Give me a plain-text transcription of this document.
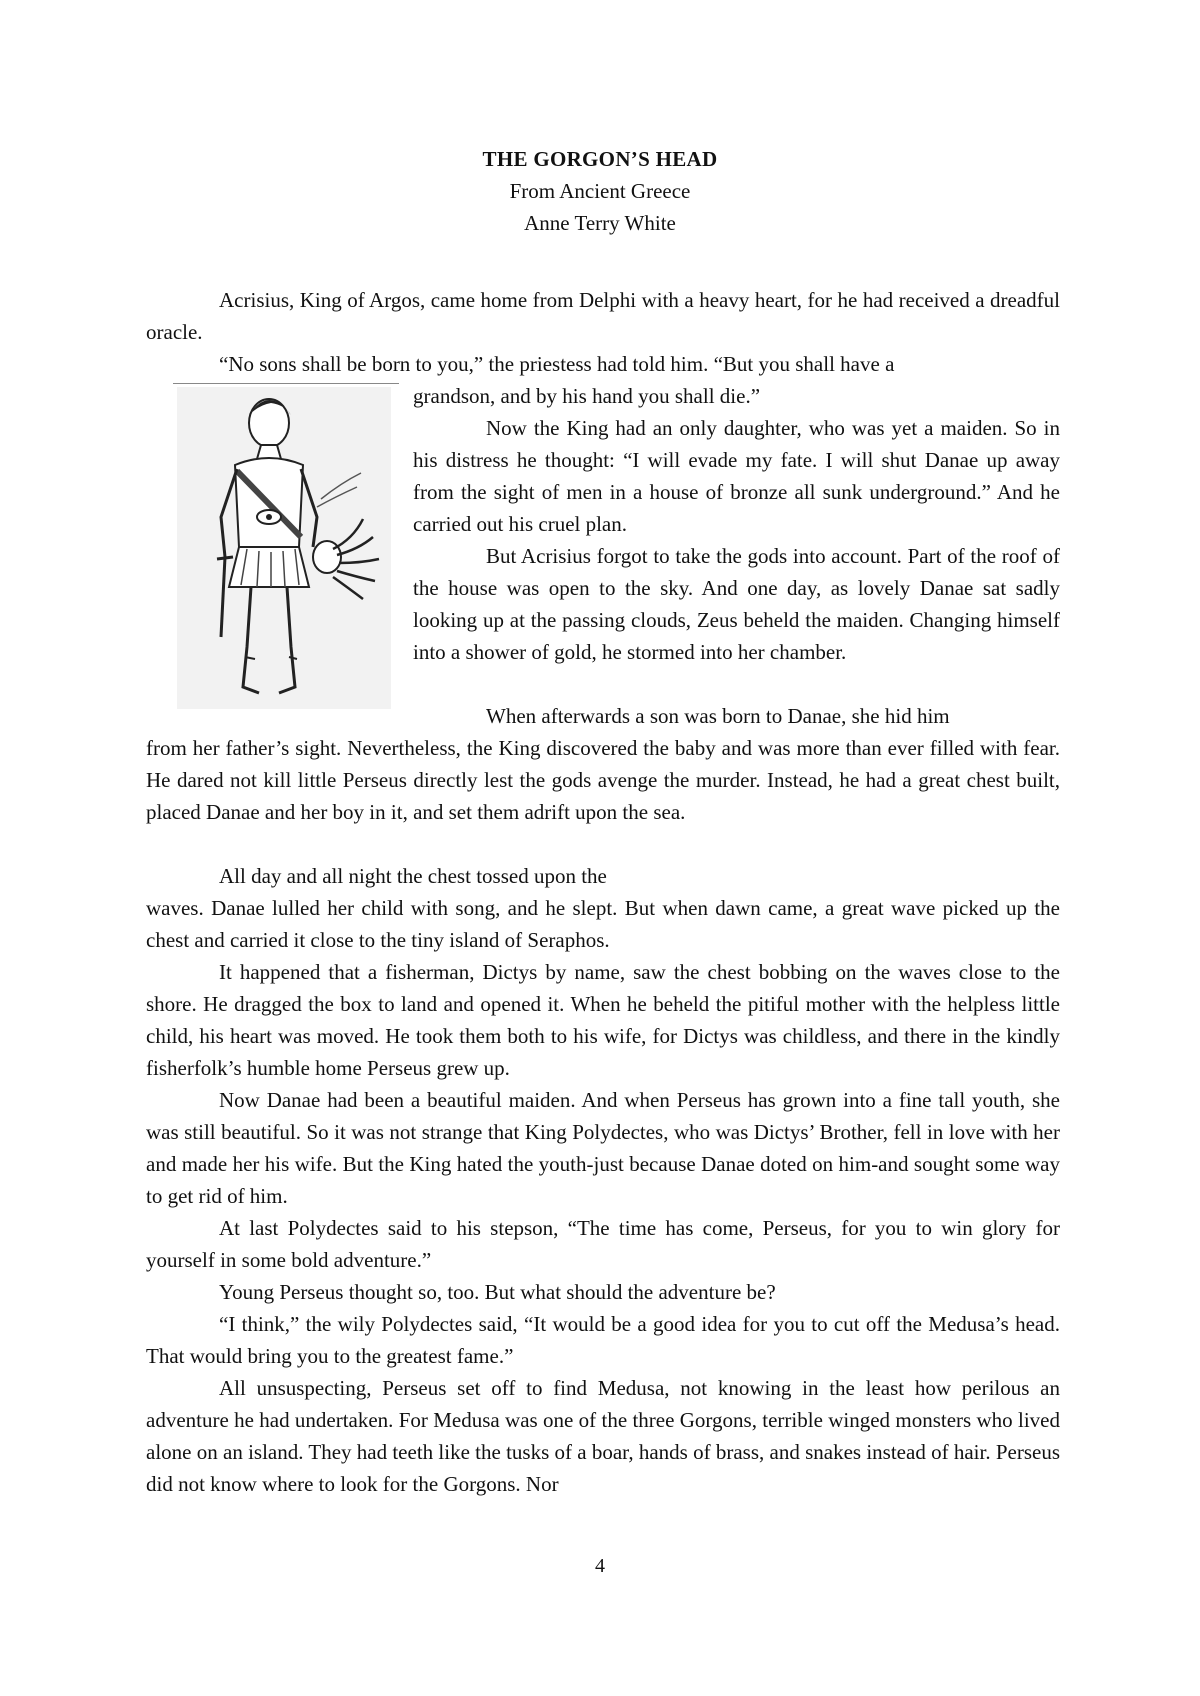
THE GORGON’S HEAD
From Ancient Greece
Anne Terry White
Acrisius, King of Argos, came home from Delphi with a heavy heart, for he had received a dreadful oracle.
“No sons shall be born to you,” the priestess had told him. “But you shall have a
grandson, and by his hand you shall die.”
Now the King had an only daughter, who was yet a maiden. So in his distress he thought: “I will evade my fate. I will shut Danae up away from the sight of men in a house of bronze all sunk underground.” And he carried out his cruel plan.
But Acrisius forgot to take the gods into account. Part of the roof of the house was open to the sky. And one day, as lovely Danae sat sadly looking up at the passing clouds, Zeus beheld the maiden. Changing himself into a shower of gold, he stormed into her chamber.
When afterwards a son was born to Danae, she hid him
from her father’s sight. Nevertheless, the King discovered the baby and was more than ever filled with fear. He dared not kill little Perseus directly lest the gods avenge the murder. Instead, he had a great chest built, placed Danae and her boy in it, and set them adrift upon the sea.
All day and all night the chest tossed upon the
waves. Danae lulled her child with song, and he slept. But when dawn came, a great wave picked up the chest and carried it close to the tiny island of Seraphos.
It happened that a fisherman, Dictys by name, saw the chest bobbing on the waves close to the shore. He dragged the box to land and opened it. When he beheld the pitiful mother with the helpless little child, his heart was moved. He took them both to his wife, for Dictys was childless, and there in the kindly fisherfolk’s humble home Perseus grew up.
Now Danae had been a beautiful maiden. And when Perseus has grown into a fine tall youth, she was still beautiful. So it was not strange that King Polydectes, who was Dictys’ Brother, fell in love with her and made her his wife. But the King hated the youth-just because Danae doted on him-and sought some way to get rid of him.
At last Polydectes said to his stepson, “The time has come, Perseus, for you to win glory for yourself in some bold adventure.”
Young Perseus thought so, too. But what should the adventure be?
“I think,” the wily Polydectes said, “It would be a good idea for you to cut off the Medusa’s head. That would bring you to the greatest fame.”
All unsuspecting, Perseus set off to find Medusa, not knowing in the least how perilous an adventure he had undertaken. For Medusa was one of the three Gorgons, terrible winged monsters who lived alone on an island. They had teeth like the tusks of a boar, hands of brass, and snakes instead of hair. Perseus did not know where to look for the Gorgons. Nor
4
